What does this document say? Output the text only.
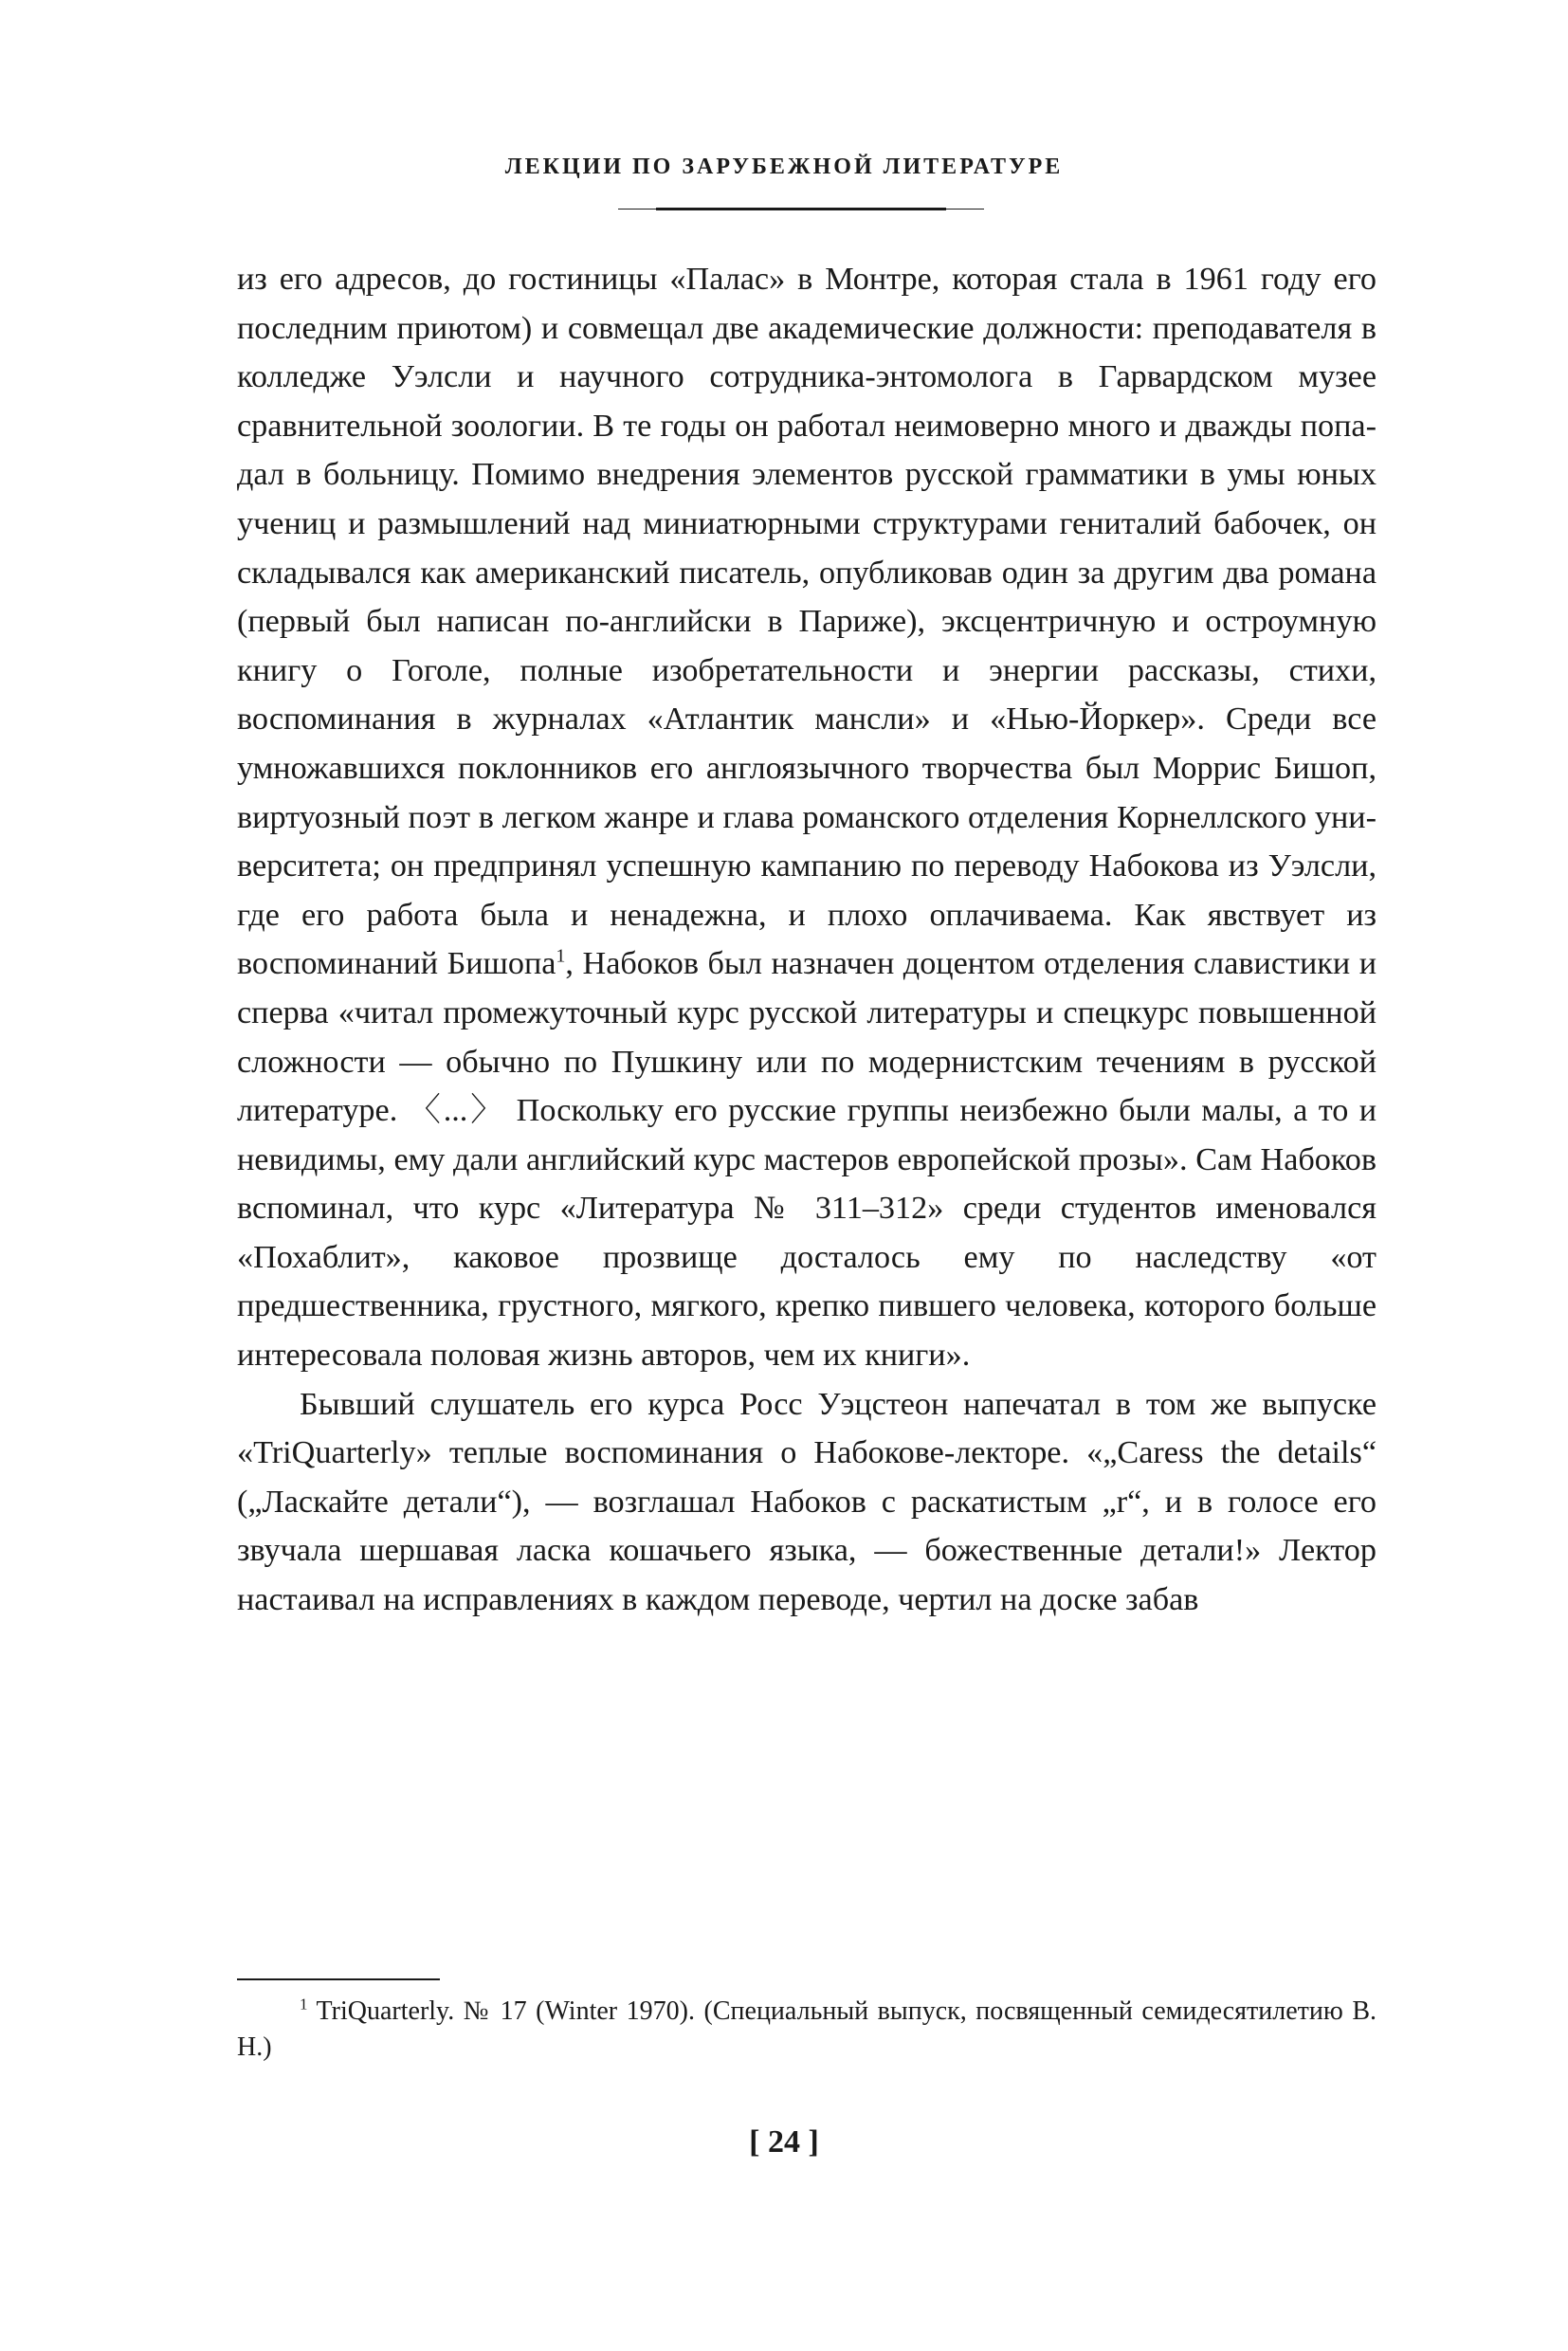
ЛЕКЦИИ ПО ЗАРУБЕЖНОЙ ЛИТЕРАТУРЕ

из его адресов, до гостиницы «Палас» в Монтре, которая стала в 1961 году его последним приютом) и совмещал две академические должности: преподавателя в колледже Уэлсли и научного сотрудника-энтомолога в Гарвардском музее сравнительной зоологии. В те годы он работал неимоверно много и дважды попадал в больницу. Помимо внедрения элементов русской грамматики в умы юных учениц и размышлений над миниатюрными структурами гениталий бабочек, он складывался как американский писатель, опубликовав один за другим два романа (первый был написан по-английски в Париже), эксцентричную и остроумную книгу о Гоголе, полные изобретательности и энергии рассказы, стихи, воспоминания в журналах «Атлантик мансли» и «Нью-Йоркер». Среди все умножавшихся поклонников его англоязычного творчества был Моррис Бишоп, виртуозный поэт в легком жанре и глава романского отделения Корнеллского университета; он предпринял успешную кампанию по переводу Набокова из Уэлсли, где его работа была и ненадежна, и плохо оплачиваема. Как явствует из воспоминаний Бишопа$^1$, Набоков был назначен доцентом отделения славистики и сперва «читал промежуточный курс русской литературы и спецкурс повышенной сложности — обычно по Пушкину или по модернистским течениям в русской литературе. 〈...〉 Поскольку его русские группы неизбежно были малы, а то и невидимы, ему дали английский курс мастеров европейской прозы». Сам Набоков вспоминал, что курс «Литература № 311–312» среди студентов именовался «Похаблит», каковое прозвище досталось ему по наследству «от предшественника, грустного, мягкого, крепко пившего человека, которого больше интересовала половая жизнь авторов, чем их книги».

Бывший слушатель его курса Росс Уэцстеон напечатал в том же выпуске «TriQuarterly» теплые воспоминания о Набокове-лекторе. «„Caress the details“ („Ласкайте детали“), — возглашал Набоков с раскатистым „r“, и в голосе его звучала шершавая ласка кошачьего языка, — божественные детали!» Лектор настаивал на исправлениях в каждом переводе, чертил на доске забав

$^1$ TriQuarterly. № 17 (Winter 1970). (Специальный выпуск, посвященный семидесятилетию В. Н.)

[ 24 ]
